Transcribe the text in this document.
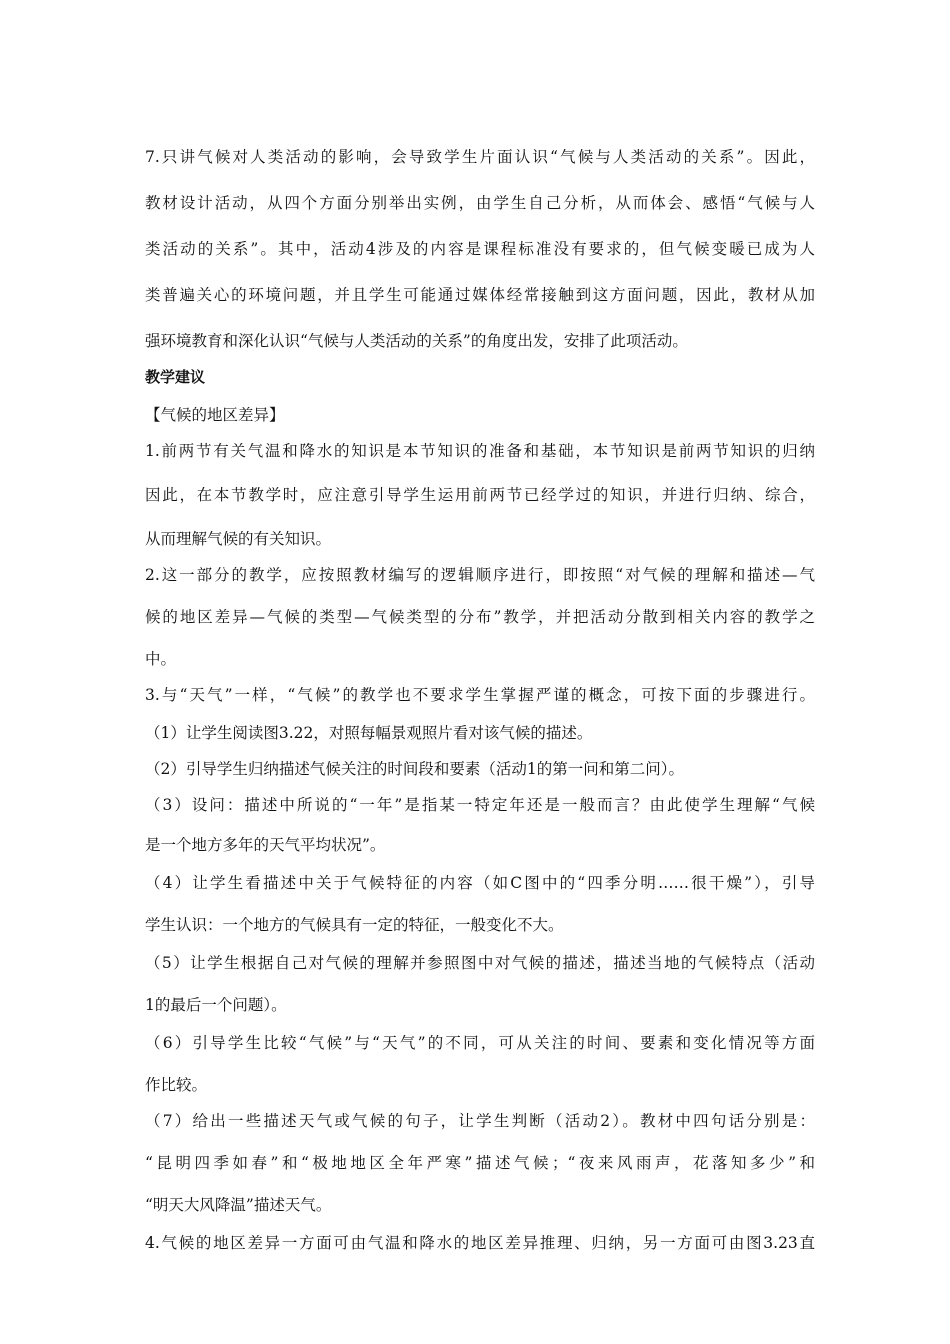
7.只讲气候对人类活动的影响，会导致学生片面认识“气候与人类活动的关系”。因此，
教材设计活动，从四个方面分别举出实例，由学生自己分析，从而体会、感悟“气候与人
类活动的关系”。其中，活动4涉及的内容是课程标准没有要求的，但气候变暖已成为人
类普遍关心的环境问题，并且学生可能通过媒体经常接触到这方面问题，因此，教材从加
强环境教育和深化认识“气候与人类活动的关系”的角度出发，安排了此项活动。
教学建议
【气候的地区差异】
1.前两节有关气温和降水的知识是本节知识的准备和基础，本节知识是前两节知识的归纳
因此，在本节教学时，应注意引导学生运用前两节已经学过的知识，并进行归纳、综合，
从而理解气候的有关知识。
2.这一部分的教学，应按照教材编写的逻辑顺序进行，即按照“对气候的理解和描述—气
候的地区差异—气候的类型—气候类型的分布”教学，并把活动分散到相关内容的教学之
中。
3.与“天气”一样，“气候”的教学也不要求学生掌握严谨的概念，可按下面的步骤进行。
（1）让学生阅读图3.22，对照每幅景观照片看对该气候的描述。
（2）引导学生归纳描述气候关注的时间段和要素（活动1的第一问和第二问）。
（3）设问：描述中所说的“一年”是指某一特定年还是一般而言？由此使学生理解“气候
是一个地方多年的天气平均状况”。
（4）让学生看描述中关于气候特征的内容（如C图中的“四季分明……很干燥”），引导
学生认识：一个地方的气候具有一定的特征，一般变化不大。
（5）让学生根据自己对气候的理解并参照图中对气候的描述，描述当地的气候特点（活动
1的最后一个问题）。
（6）引导学生比较“气候”与“天气”的不同，可从关注的时间、要素和变化情况等方面
作比较。
（7）给出一些描述天气或气候的句子，让学生判断（活动2）。教材中四句话分别是：
“昆明四季如春”和“极地地区全年严寒”描述气候；“夜来风雨声，花落知多少”和
“明天大风降温”描述天气。
4.气候的地区差异一方面可由气温和降水的地区差异推理、归纳，另一方面可由图3.23直
